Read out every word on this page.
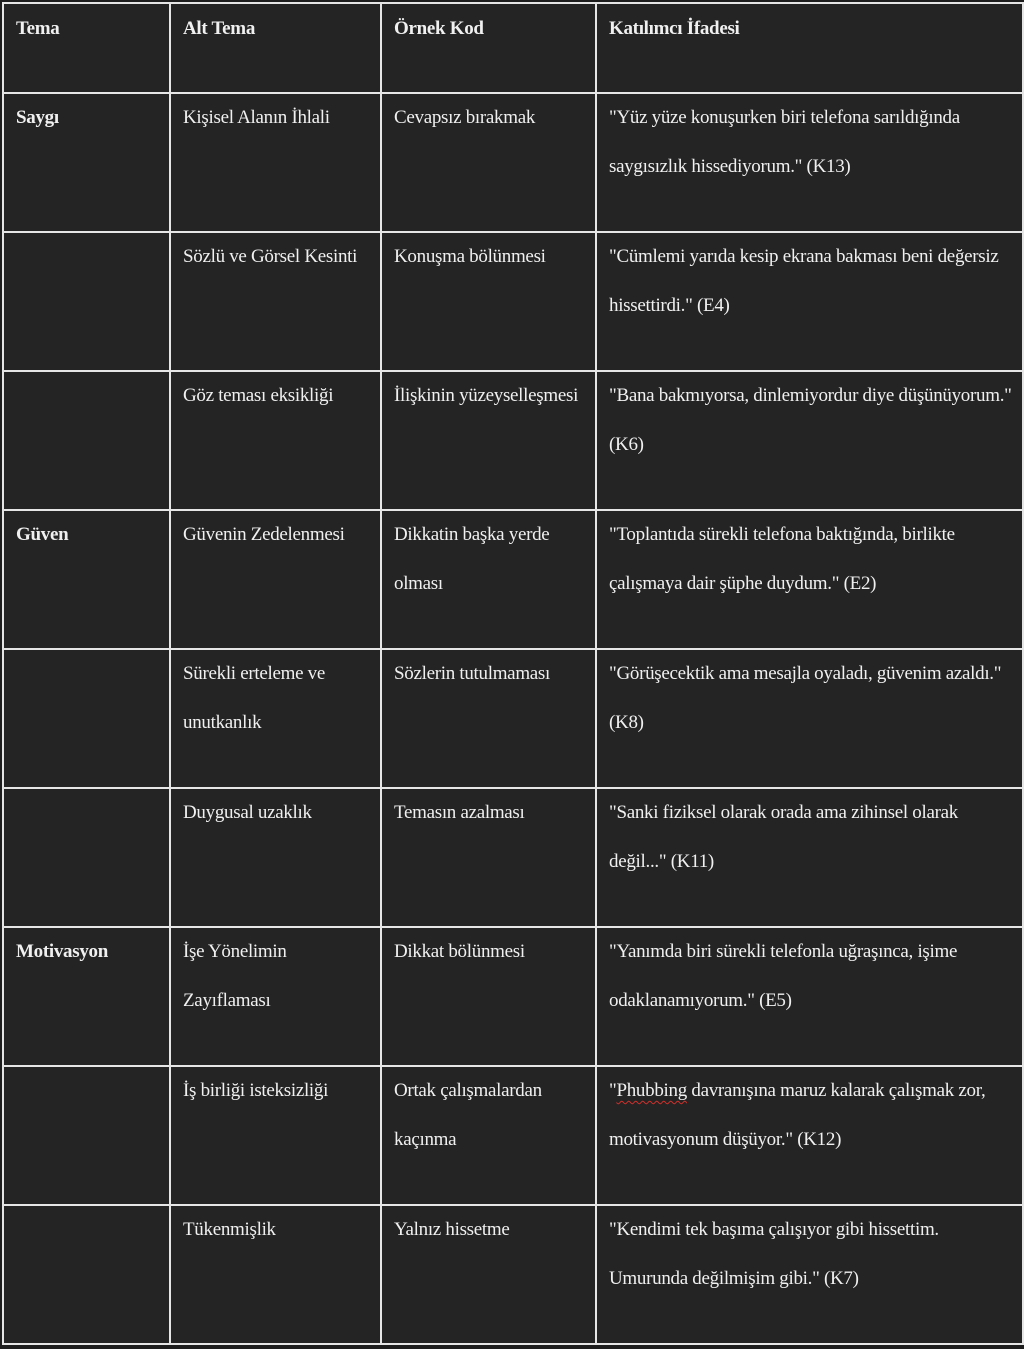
Tema	Alt Tema	Örnek Kod	Katılımcı İfadesi

Saygı	Kişisel Alanın İhlali	Cevapsız bırakmak	"Yüz yüze konuşurken biri telefona sarıldığında saygısızlık hissediyorum." (K13)

	Sözlü ve Görsel Kesinti	Konuşma bölünmesi	"Cümlemi yarıda kesip ekrana bakması beni değersiz hissettirdi." (E4)

	Göz teması eksikliği	İlişkinin yüzeyselleşmesi	"Bana bakmıyorsa, dinlemiyordur diye düşünüyorum." (K6)

Güven	Güvenin Zedelenmesi	Dikkatin başka yerde olması	"Toplantıda sürekli telefona baktığında, birlikte çalışmaya dair şüphe duydum." (E2)

	Sürekli erteleme ve unutkanlık	Sözlerin tutulmaması	"Görüşecektik ama mesajla oyaladı, güvenim azaldı." (K8)

	Duygusal uzaklık	Temasın azalması	"Sanki fiziksel olarak orada ama zihinsel olarak değil..." (K11)

Motivasyon	İşe Yönelimin Zayıflaması	Dikkat bölünmesi	"Yanımda biri sürekli telefonla uğraşınca, işime odaklanamıyorum." (E5)

	İş birliği isteksizliği	Ortak çalışmalardan kaçınma	"Phubbing davranışına maruz kalarak çalışmak zor, motivasyonum düşüyor." (K12)

	Tükenmişlik	Yalnız hissetme	"Kendimi tek başıma çalışıyor gibi hissettim. Umurunda değilmişim gibi." (K7)
